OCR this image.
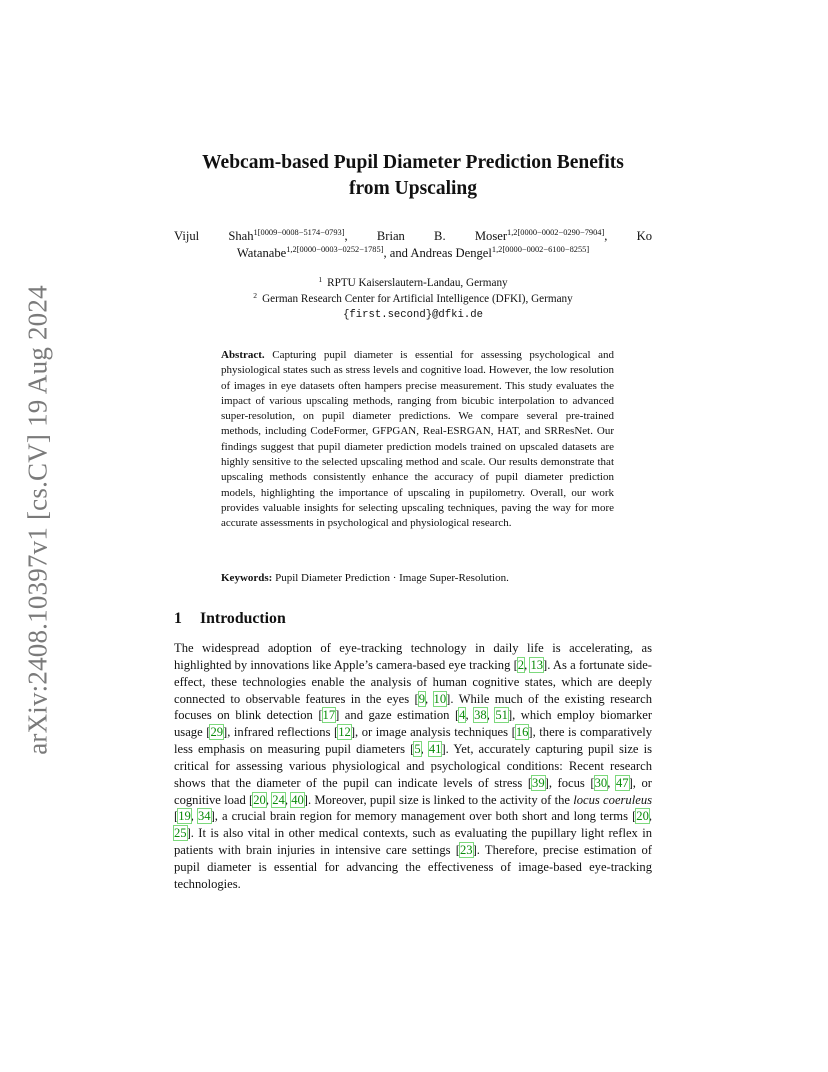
arXiv:2408.10397v1 [cs.CV] 19 Aug 2024
Webcam-based Pupil Diameter Prediction Benefits
from Upscaling
Vijul Shah$^{1[0009-0008-5174-0793]}$, Brian B. Moser$^{1,2[0000-0002-0290-7904]}$, Ko
Watanabe$^{1,2[0000-0003-0252-1785]}$, and Andreas Dengel$^{1,2[0000-0002-6100-8255]}$
$^1$ RPTU Kaiserslautern-Landau, Germany
$^2$ German Research Center for Artificial Intelligence (DFKI), Germany
{first.second}@dfki.de
Abstract. Capturing pupil diameter is essential for assessing psychological and physiological states such as stress levels and cognitive load. However, the low resolution of images in eye datasets often hampers precise measurement. This study evaluates the impact of various upscaling methods, ranging from bicubic interpolation to advanced super-resolution, on pupil diameter predictions. We compare several pre-trained methods, including CodeFormer, GFPGAN, Real-ESRGAN, HAT, and SRResNet. Our findings suggest that pupil diameter prediction models trained on upscaled datasets are highly sensitive to the selected upscaling method and scale. Our results demonstrate that upscaling methods consistently enhance the accuracy of pupil diameter prediction models, highlighting the importance of upscaling in pupilometry. Overall, our work provides valuable insights for selecting upscaling techniques, paving the way for more accurate assessments in psychological and physiological research.
Keywords: Pupil Diameter Prediction · Image Super-Resolution.
1 Introduction
The widespread adoption of eye-tracking technology in daily life is accelerating, as highlighted by innovations like Apple’s camera-based eye tracking [2, 13]. As a fortunate side-effect, these technologies enable the analysis of human cognitive states, which are deeply connected to observable features in the eyes [9, 10]. While much of the existing research focuses on blink detection [17] and gaze estimation [4, 38, 51], which employ biomarker usage [29], infrared reflections [12], or image analysis techniques [16], there is comparatively less emphasis on measuring pupil diameters [5, 41]. Yet, accurately capturing pupil size is critical for assessing various physiological and psychological conditions: Recent research shows that the diameter of the pupil can indicate levels of stress [39], focus [30, 47], or cognitive load [20, 24, 40]. Moreover, pupil size is linked to the activity of the locus coeruleus [19, 34], a crucial brain region for memory management over both short and long terms [20, 25]. It is also vital in other medical contexts, such as evaluating the pupillary light reflex in patients with brain injuries in intensive care settings [23]. Therefore, precise estimation of pupil diameter is essential for advancing the effectiveness of image-based eye-tracking technologies.
